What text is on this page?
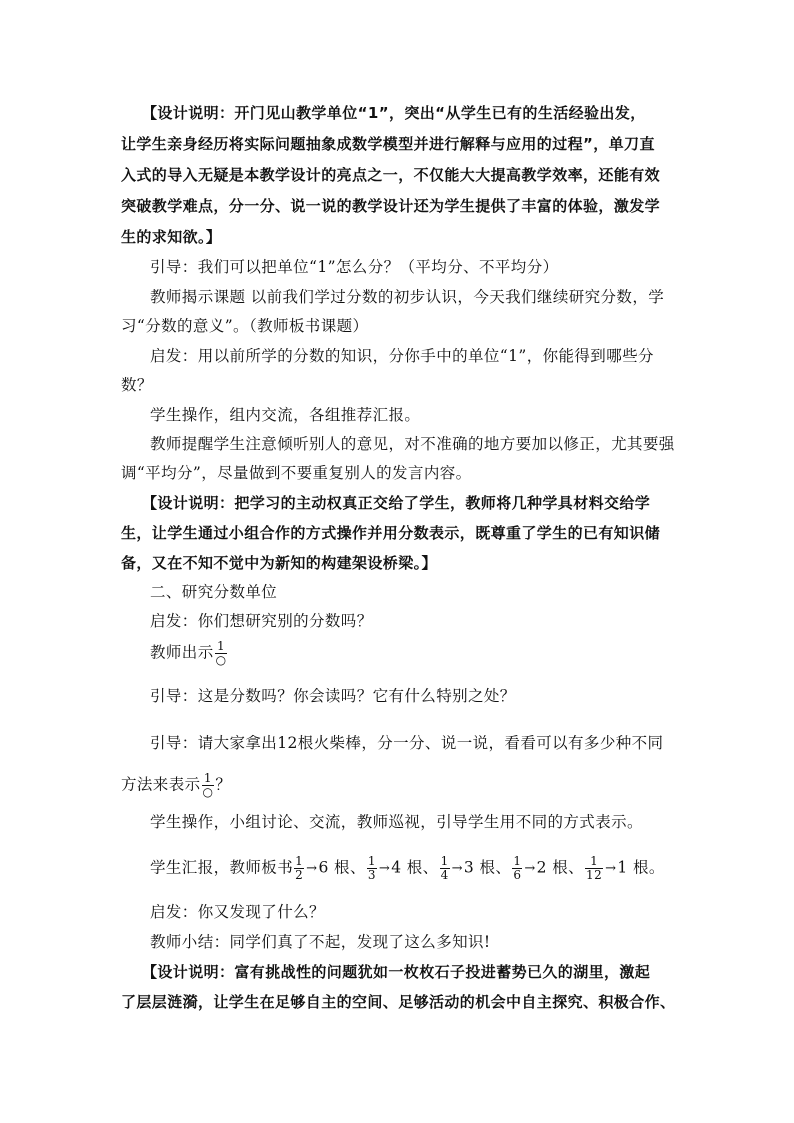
【设计说明：开门见山教学单位“1”，突出“从学生已有的生活经验出发，
让学生亲身经历将实际问题抽象成数学模型并进行解释与应用的过程”，单刀直
入式的导入无疑是本教学设计的亮点之一，不仅能大大提高教学效率，还能有效
突破教学难点，分一分、说一说的教学设计还为学生提供了丰富的体验，激发学
生的求知欲。】
引导：我们可以把单位“1”怎么分？（平均分、不平均分）
教师揭示课题 以前我们学过分数的初步认识，今天我们继续研究分数，学
习“分数的意义”。（教师板书课题）
启发：用以前所学的分数的知识，分你手中的单位“1”，你能得到哪些分
数？
学生操作，组内交流，各组推荐汇报。
教师提醒学生注意倾听别人的意见，对不准确的地方要加以修正，尤其要强
调“平均分”，尽量做到不要重复别人的发言内容。
【设计说明：把学习的主动权真正交给了学生，教师将几种学具材料交给学
生，让学生通过小组合作的方式操作并用分数表示，既尊重了学生的已有知识储
备，又在不知不觉中为新知的构建架设桥梁。】
二、研究分数单位
启发：你们想研究别的分数吗？
教师出示 $\frac{1}{○}$
引导：这是分数吗？你会读吗？它有什么特别之处？
引导：请大家拿出12根火柴棒，分一分、说一说，看看可以有多少种不同
方法来表示 $\frac{1}{○}$ ？
学生操作，小组讨论、交流，教师巡视，引导学生用不同的方式表示。
学生汇报，教师板书 $\frac{1}{2} \to 6$ 根、 $\frac{1}{3} \to 4$ 根、 $\frac{1}{4} \to 3$ 根、 $\frac{1}{6} \to 2$ 根、 $\frac{1}{12} \to 1$ 根。
启发：你又发现了什么？
教师小结：同学们真了不起，发现了这么多知识!
【设计说明：富有挑战性的问题犹如一枚枚石子投进蓄势已久的湖里，激起
了层层涟漪，让学生在足够自主的空间、足够活动的机会中自主探究、积极合作、
